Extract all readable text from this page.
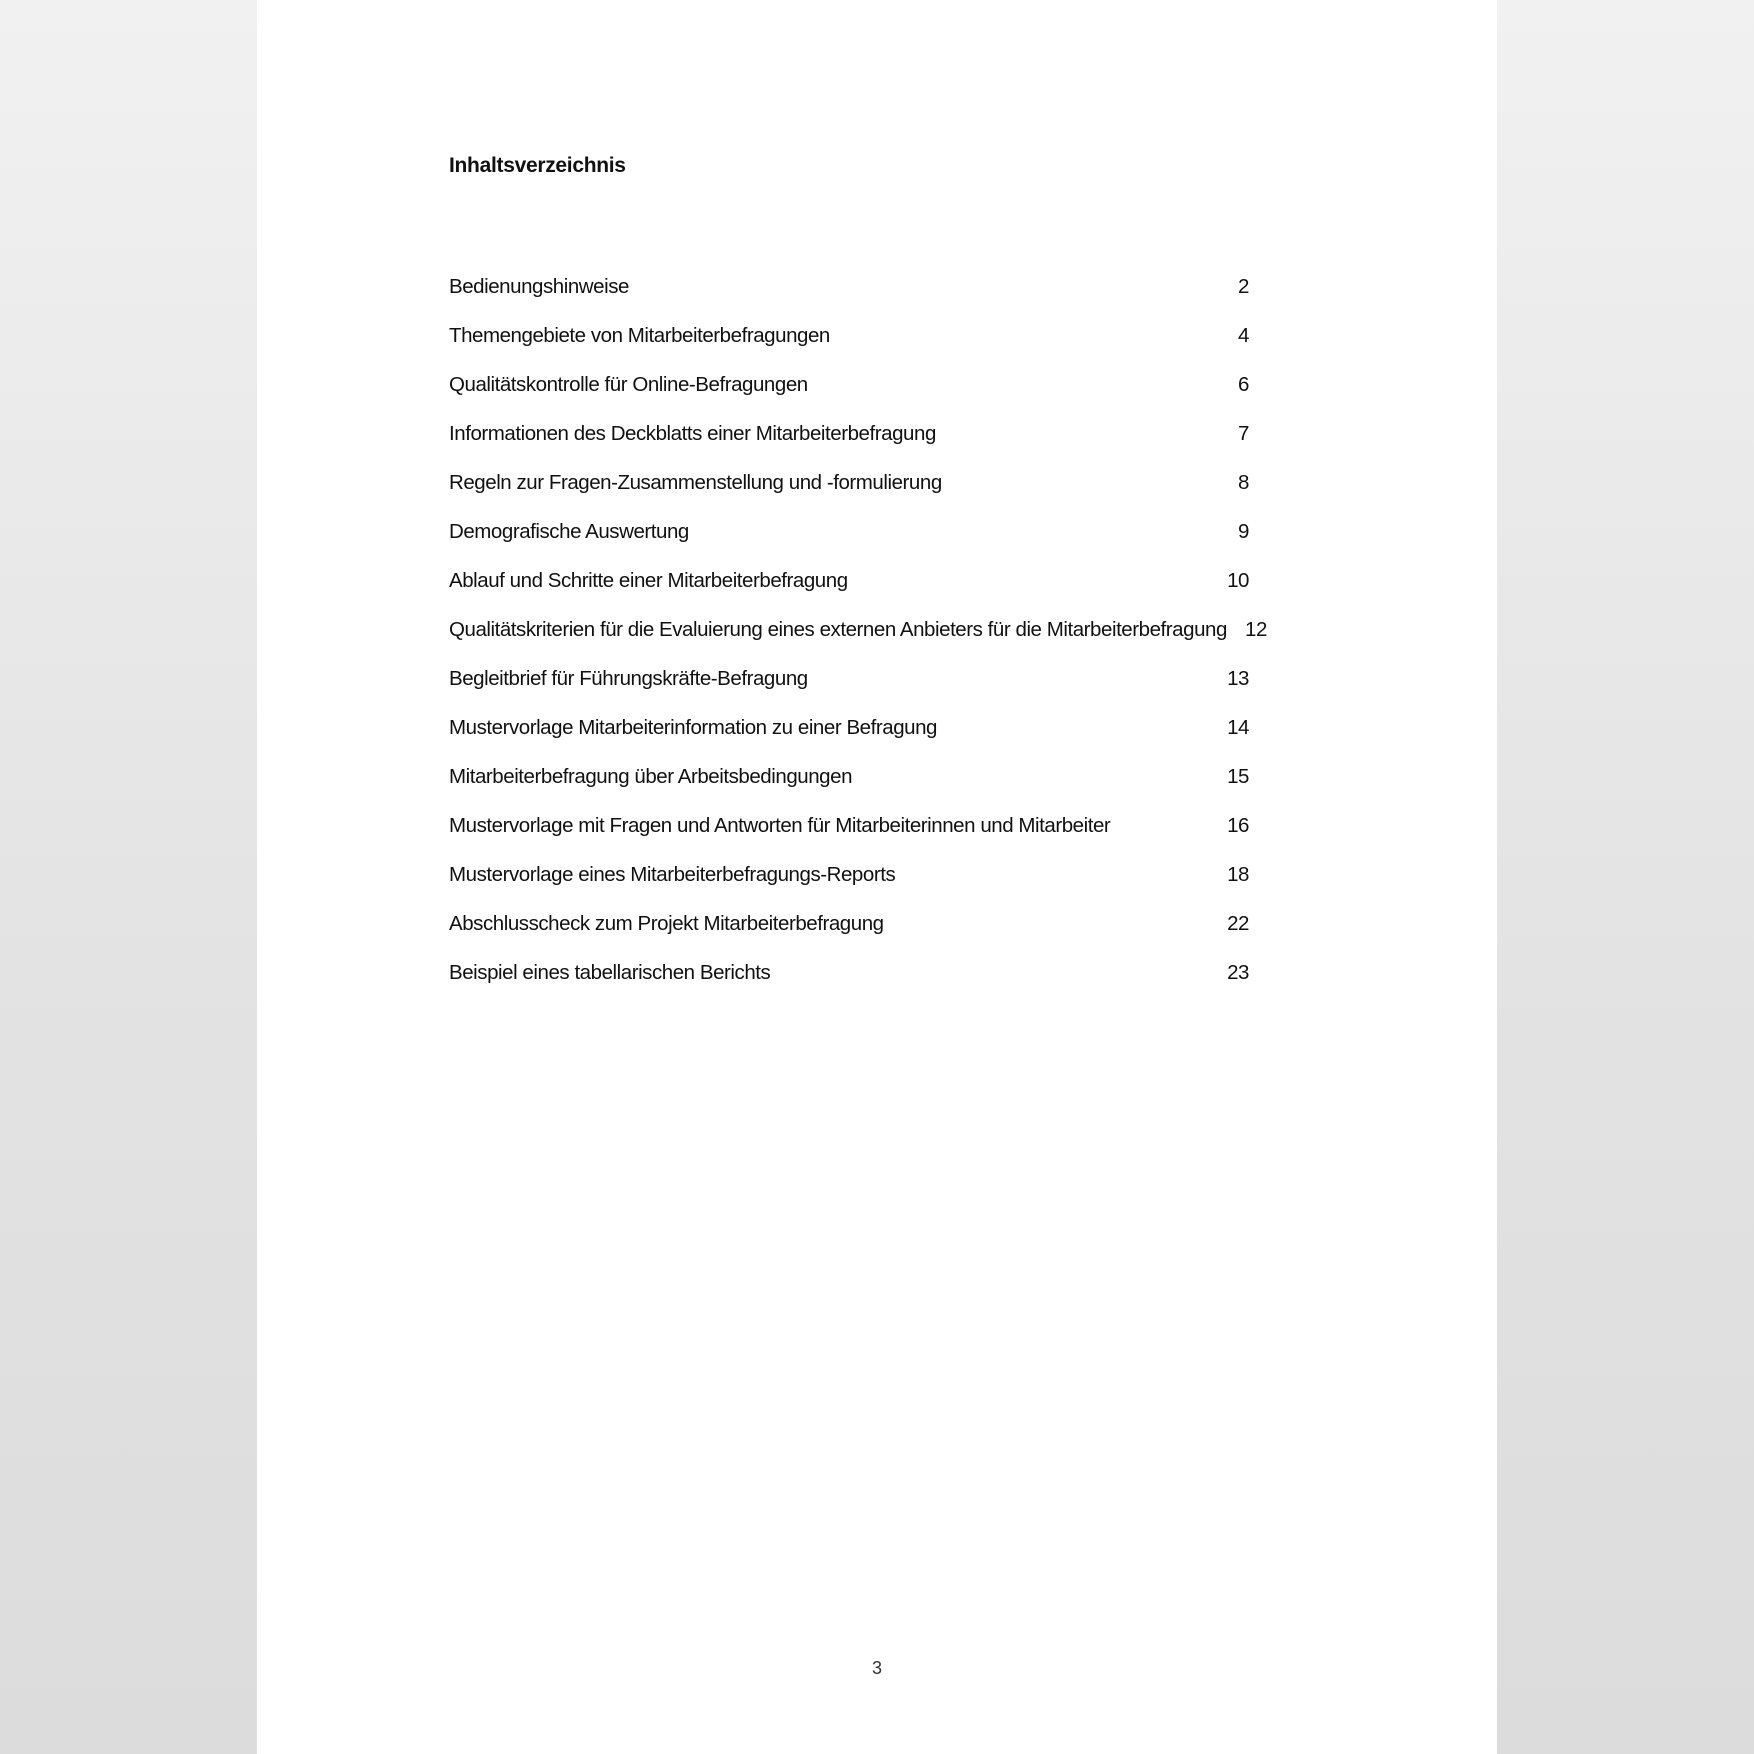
Inhaltsverzeichnis
Bedienungshinweise	2
Themengebiete von Mitarbeiterbefragungen	4
Qualitätskontrolle für Online-Befragungen	6
Informationen des Deckblatts einer Mitarbeiterbefragung	7
Regeln zur Fragen-Zusammenstellung und -formulierung	8
Demografische Auswertung	9
Ablauf und Schritte einer Mitarbeiterbefragung	10
Qualitätskriterien für die Evaluierung eines externen Anbieters für die Mitarbeiterbefragung 12
Begleitbrief für Führungskräfte-Befragung	13
Mustervorlage Mitarbeiterinformation zu einer Befragung	14
Mitarbeiterbefragung über Arbeitsbedingungen	15
Mustervorlage mit Fragen und Antworten für Mitarbeiterinnen und Mitarbeiter	16
Mustervorlage eines Mitarbeiterbefragungs-Reports	18
Abschlusscheck zum Projekt Mitarbeiterbefragung	22
Beispiel eines tabellarischen Berichts	23
3
